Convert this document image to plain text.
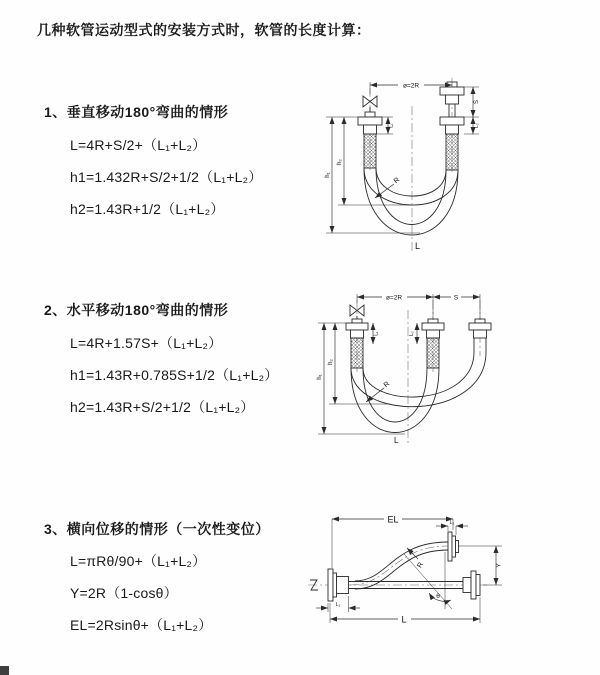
几种软管运动型式的安装方式时，软管的长度计算：
1、垂直移动180°弯曲的情形
L=4R+S/2+（L₁+L₂）
h1=1.432R+S/2+1/2（L₁+L₂）
h2=1.43R+1/2（L₁+L₂）
2、水平移动180°弯曲的情形
L=4R+1.57S+（L₁+L₂）
h1=1.43R+0.785S+1/2（L₁+L₂）
h2=1.43R+S/2+1/2（L₁+L₂）
3、横向位移的情形（一次性变位）
L=πRθ/90+（L₁+L₂）
Y=2R（1-cosθ）
EL=2Rsinθ+（L₁+L₂）
ø=2R
S
L₂
L₁
h₁
h₂
R
L
ø=2R	S
L₁	L₂
h₁
h₂
R
L
EL	L₂
L₁
Y
R
θ
L
